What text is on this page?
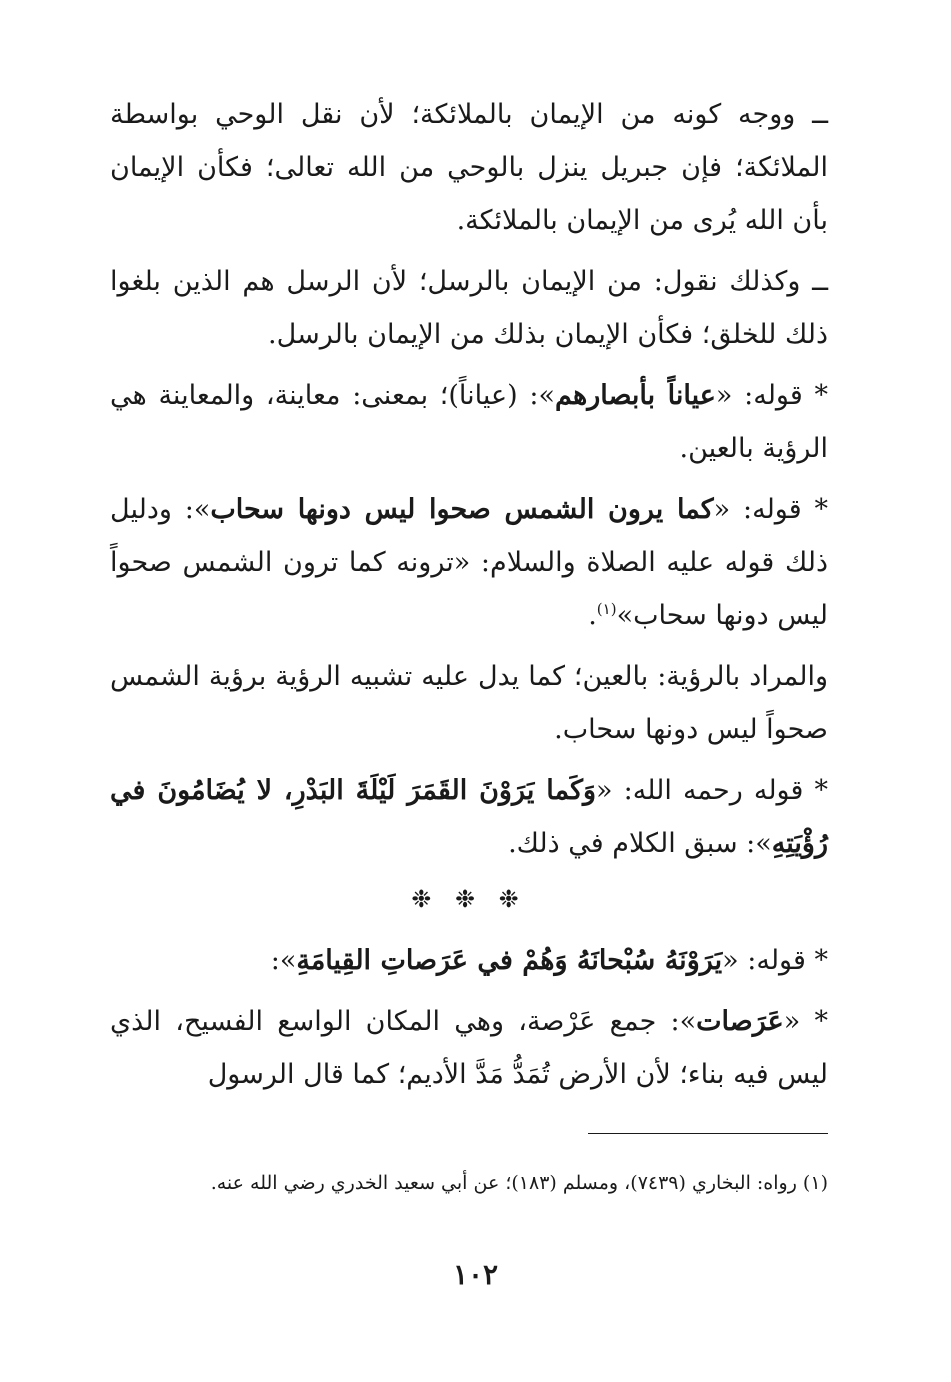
ــ ووجه كونه من الإيمان بالملائكة؛ لأن نقل الوحي بواسطة الملائكة؛ فإن جبريل ينزل بالوحي من الله تعالى؛ فكأن الإيمان بأن الله يُرى من الإيمان بالملائكة.

ــ وكذلك نقول: من الإيمان بالرسل؛ لأن الرسل هم الذين بلغوا ذلك للخلق؛ فكأن الإيمان بذلك من الإيمان بالرسل.

* قوله: «عياناً بأبصارهم»: (عياناً)؛ بمعنى: معاينة، والمعاينة هي الرؤية بالعين.

* قوله: «كما يرون الشمس صحوا ليس دونها سحاب»: ودليل ذلك قوله عليه الصلاة والسلام: «ترونه كما ترون الشمس صحواً ليس دونها سحاب»$^{(١)}$.

والمراد بالرؤية: بالعين؛ كما يدل عليه تشبيه الرؤية برؤية الشمس صحواً ليس دونها سحاب.

* قوله رحمه الله: «وَكَما يَرَوْنَ القَمَرَ لَيْلَةَ البَدْرِ، لا يُضَامُونَ في رُؤْيَتِهِ»: سبق الكلام في ذلك.

❉ ❉ ❉

* قوله: «يَرَوْنَهُ سُبْحانَهُ وَهُمْ في عَرَصاتِ القِيامَةِ»:

* «عَرَصات»: جمع عَرْصة، وهي المكان الواسع الفسيح، الذي ليس فيه بناء؛ لأن الأرض تُمَدُّ مَدَّ الأديم؛ كما قال الرسول

(١) رواه: البخاري (٧٤٣٩)، ومسلم (١٨٣)؛ عن أبي سعيد الخدري رضي الله عنه.
١٠٢
